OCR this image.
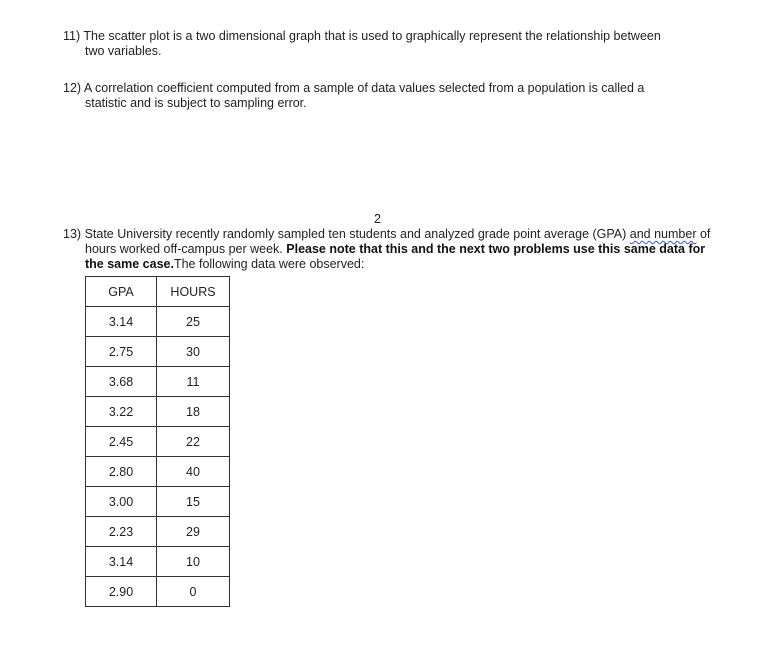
11) The scatter plot is a two dimensional graph that is used to graphically represent the relationship between
two variables.
12) A correlation coefficient computed from a sample of data values selected from a population is called a
statistic and is subject to sampling error.
2
13) State University recently randomly sampled ten students and analyzed grade point average (GPA) and number of
hours worked off-campus per week. Please note that this and the next two problems use this same data for
the same case.The following data were observed:
GPA	HOURS
3.14	25
2.75	30
3.68	11
3.22	18
2.45	22
2.80	40
3.00	15
2.23	29
3.14	10
2.90	0
